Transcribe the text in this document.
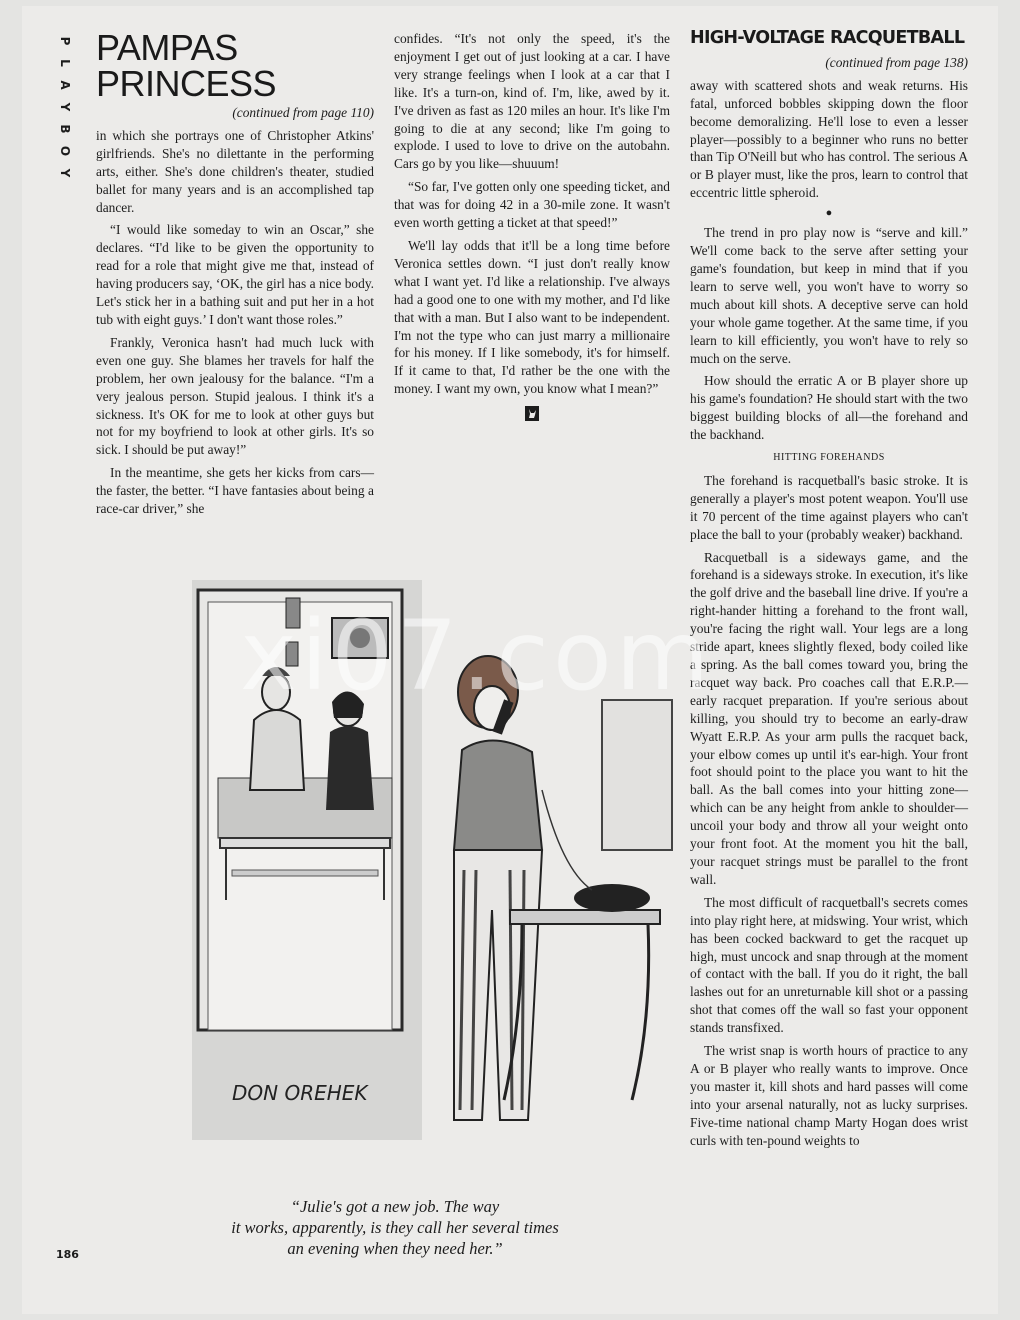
P
L
A
Y
B
O
Y
PAMPAS PRINCESS

(continued from page 110)

in which she portrays one of Christopher Atkins' girlfriends. She's no dilettante in the performing arts, either. She's done children's theater, studied ballet for many years and is an accomplished tap dancer.

“I would like someday to win an Oscar,” she declares. “I'd like to be given the opportunity to read for a role that might give me that, instead of having producers say, ‘OK, the girl has a nice body. Let's stick her in a bathing suit and put her in a hot tub with eight guys.’ I don't want those roles.”

Frankly, Veronica hasn't had much luck with even one guy. She blames her travels for half the problem, her own jealousy for the balance. “I'm a very jealous person. Stupid jealous. I think it's a sickness. It's OK for me to look at other guys but not for my boyfriend to look at other girls. It's so sick. I should be put away!”

In the meantime, she gets her kicks from cars—the faster, the better. “I have fantasies about being a race-car driver,” she

confides. “It's not only the speed, it's the enjoyment I get out of just looking at a car. I have very strange feelings when I look at a car that I like. It's a turn-on, kind of. I'm, like, awed by it. I've driven as fast as 120 miles an hour. It's like I'm going to die at any second; like I'm going to explode. I used to love to drive on the autobahn. Cars go by you like—shuuum!

“So far, I've gotten only one speeding ticket, and that was for doing 42 in a 30-mile zone. It wasn't even worth getting a ticket at that speed!”

We'll lay odds that it'll be a long time before Veronica settles down. “I just don't really know what I want yet. I'd like a relationship. I've always had a good one to one with my mother, and I'd like that with a man. But I also want to be independent. I'm not the type who can just marry a millionaire for his money. If I like somebody, it's for himself. If it came to that, I'd rather be the one with the money. I want my own, you know what I mean?”

HIGH-VOLTAGE RACQUETBALL

(continued from page 138)

away with scattered shots and weak returns. His fatal, unforced bobbles skipping down the floor become demoralizing. He'll lose to even a lesser player—possibly to a beginner who runs no better than Tip O'Neill but who has control. The serious A or B player must, like the pros, learn to control that eccentric little spheroid.

●

The trend in pro play now is “serve and kill.” We'll come back to the serve after setting your game's foundation, but keep in mind that if you learn to serve well, you won't have to worry so much about kill shots. A deceptive serve can hold your whole game together. At the same time, if you learn to kill efficiently, you won't have to rely so much on the serve.

How should the erratic A or B player shore up his game's foundation? He should start with the two biggest building blocks of all—the forehand and the backhand.

HITTING FOREHANDS

The forehand is racquetball's basic stroke. It is generally a player's most potent weapon. You'll use it 70 percent of the time against players who can't place the ball to your (probably weaker) backhand.

Racquetball is a sideways game, and the forehand is a sideways stroke. In execution, it's like the golf drive and the baseball line drive. If you're a right-hander hitting a forehand to the front wall, you're facing the right wall. Your legs are a long stride apart, knees slightly flexed, body coiled like a spring. As the ball comes toward you, bring the racquet way back. Pro coaches call that E.R.P.—early racquet preparation. If you're serious about killing, you should try to become an early-draw Wyatt E.R.P. As your arm pulls the racquet back, your elbow comes up until it's ear-high. Your front foot should point to the place you want to hit the ball. As the ball comes into your hitting zone—which can be any height from ankle to shoulder—uncoil your body and throw all your weight onto your front foot. At the moment you hit the ball, your racquet strings must be parallel to the front wall.

The most difficult of racquetball's secrets comes into play right here, at midswing. Your wrist, which has been cocked backward to get the racquet up high, must uncock and snap through at the moment of contact with the ball. If you do it right, the ball lashes out for an unreturnable kill shot or a passing shot that comes off the wall so fast your opponent stands transfixed.

The wrist snap is worth hours of practice to any A or B player who really wants to improve. Once you master it, kill shots and hard passes will come into your arsenal naturally, not as lucky surprises. Five-time national champ Marty Hogan does wrist curls with ten-pound weights to

DON ORЕHEK
“Julie's got a new job. The way
it works, apparently, is they call her several times
an evening when they need her.”
186
xi07.com
